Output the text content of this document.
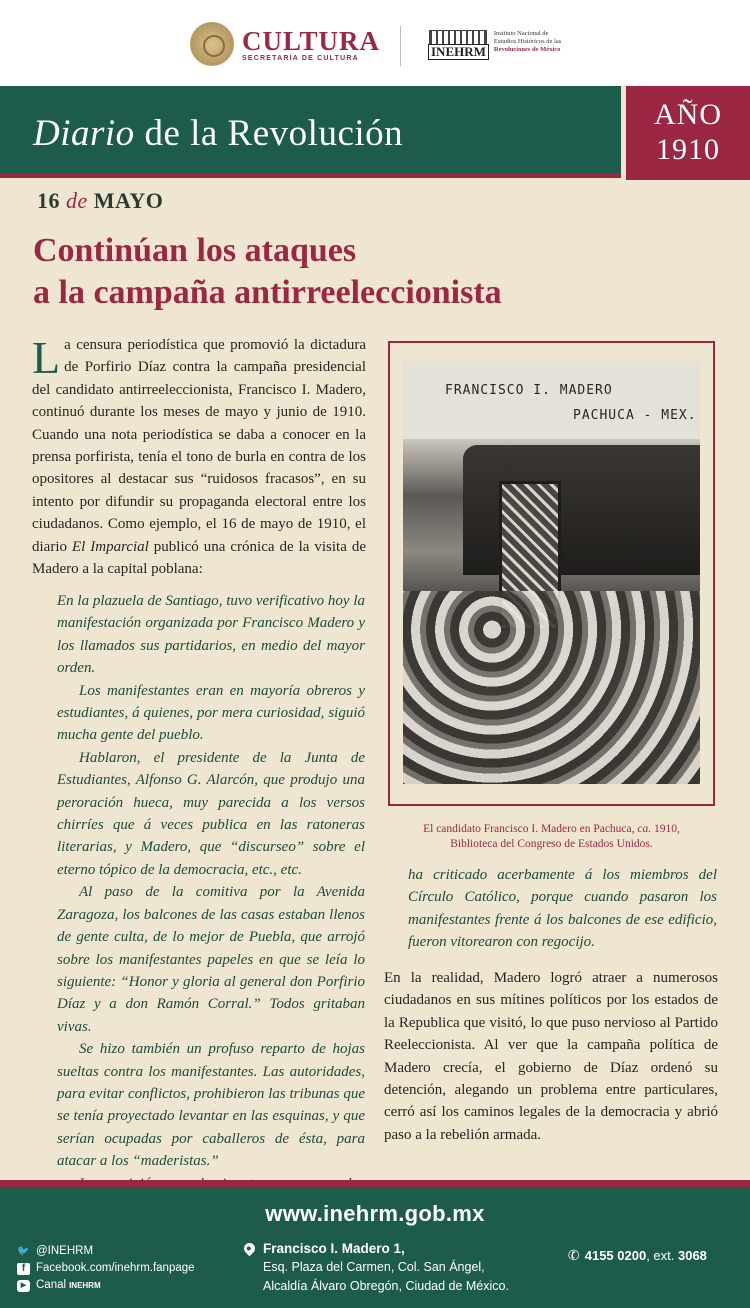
CULTURA
SECRETARÍA DE CULTURA	INEHRM
Instituto Nacional de
Estudios Históricos de las
Revoluciones de México
Diario de la Revolución	AÑO
1910
16 de MAYO
Continúan los ataques
a la campaña antirreeleccionista
La censura periodística que promovió la dictadura de Porfirio Díaz contra la campaña presidencial del candidato antirreeleccionista, Francisco I. Madero, continuó durante los meses de mayo y junio de 1910. Cuando una nota periodística se daba a conocer en la prensa porfirista, tenía el tono de burla en contra de los opositores al destacar sus “ruidosos fracasos”, en su intento por difundir su propaganda electoral entre los ciudadanos. Como ejemplo, el 16 de mayo de 1910, el diario El Imparcial publicó una crónica de la visita de Madero a la capital poblana:

En la plazuela de Santiago, tuvo verificativo hoy la manifestación organizada por Francisco Madero y los llamados sus partidarios, en medio del mayor orden.

Los manifestantes eran en mayoría obreros y estudiantes, á quienes, por mera curiosidad, siguió mucha gente del pueblo.

Hablaron, el presidente de la Junta de Estudiantes, Alfonso G. Alarcón, que produjo una peroración hueca, muy parecida a los versos chirríes que á veces publica en las ratoneras literarias, y Madero, que “discurseo” sobre el eterno tópico de la democracia, etc., etc.

Al paso de la comitiva por la Avenida Zaragoza, los balcones de las casas estaban llenos de gente culta, de lo mejor de Puebla, que arrojó sobre los manifestantes papeles en que se leía lo siguiente: “Honor y gloria al general don Porfirio Díaz y a don Ramón Corral.” Todos gritaban vivas.

Se hizo también un profuso reparto de hojas sueltas contra los manifestantes. Las autoridades, para evitar conflictos, prohibieron las tribunas que se tenía proyectado levantar en las esquinas, y que serían ocupadas por caballeros de ésta, para atacar a los “maderistas.”

FRANCISCO I. MADERO
PACHUCA - MEX.
El candidato Francisco I. Madero en Pachuca, ca. 1910,
Biblioteca del Congreso de Estados Unidos.
ha criticado acerbamente á los miembros del Círculo Católico, porque cuando pasaron los manifestantes frente á los balcones de ese edificio, fueron vitorearon con regocijo.
En la realidad, Madero logró atraer a numerosos ciudadanos en sus mítines políticos por los estados de la Republica que visitó, lo que puso nervioso al Partido Reeleccionista. Al ver que la campaña política de Madero crecía, el gobierno de Díaz ordenó su detención, alegando un problema entre particulares, cerró así los caminos legales de la democracia y abrió paso a la rebelión armada.
www.inehrm.gob.mx
🐦 @INEHRM
f Facebook.com/inehrm.fanpage
▶ Canal INEHRM
Francisco I. Madero 1,
Esq. Plaza del Carmen, Col. San Ángel,
Alcaldía Álvaro Obregón, Ciudad de México.
✆ 4155 0200, ext. 3068
